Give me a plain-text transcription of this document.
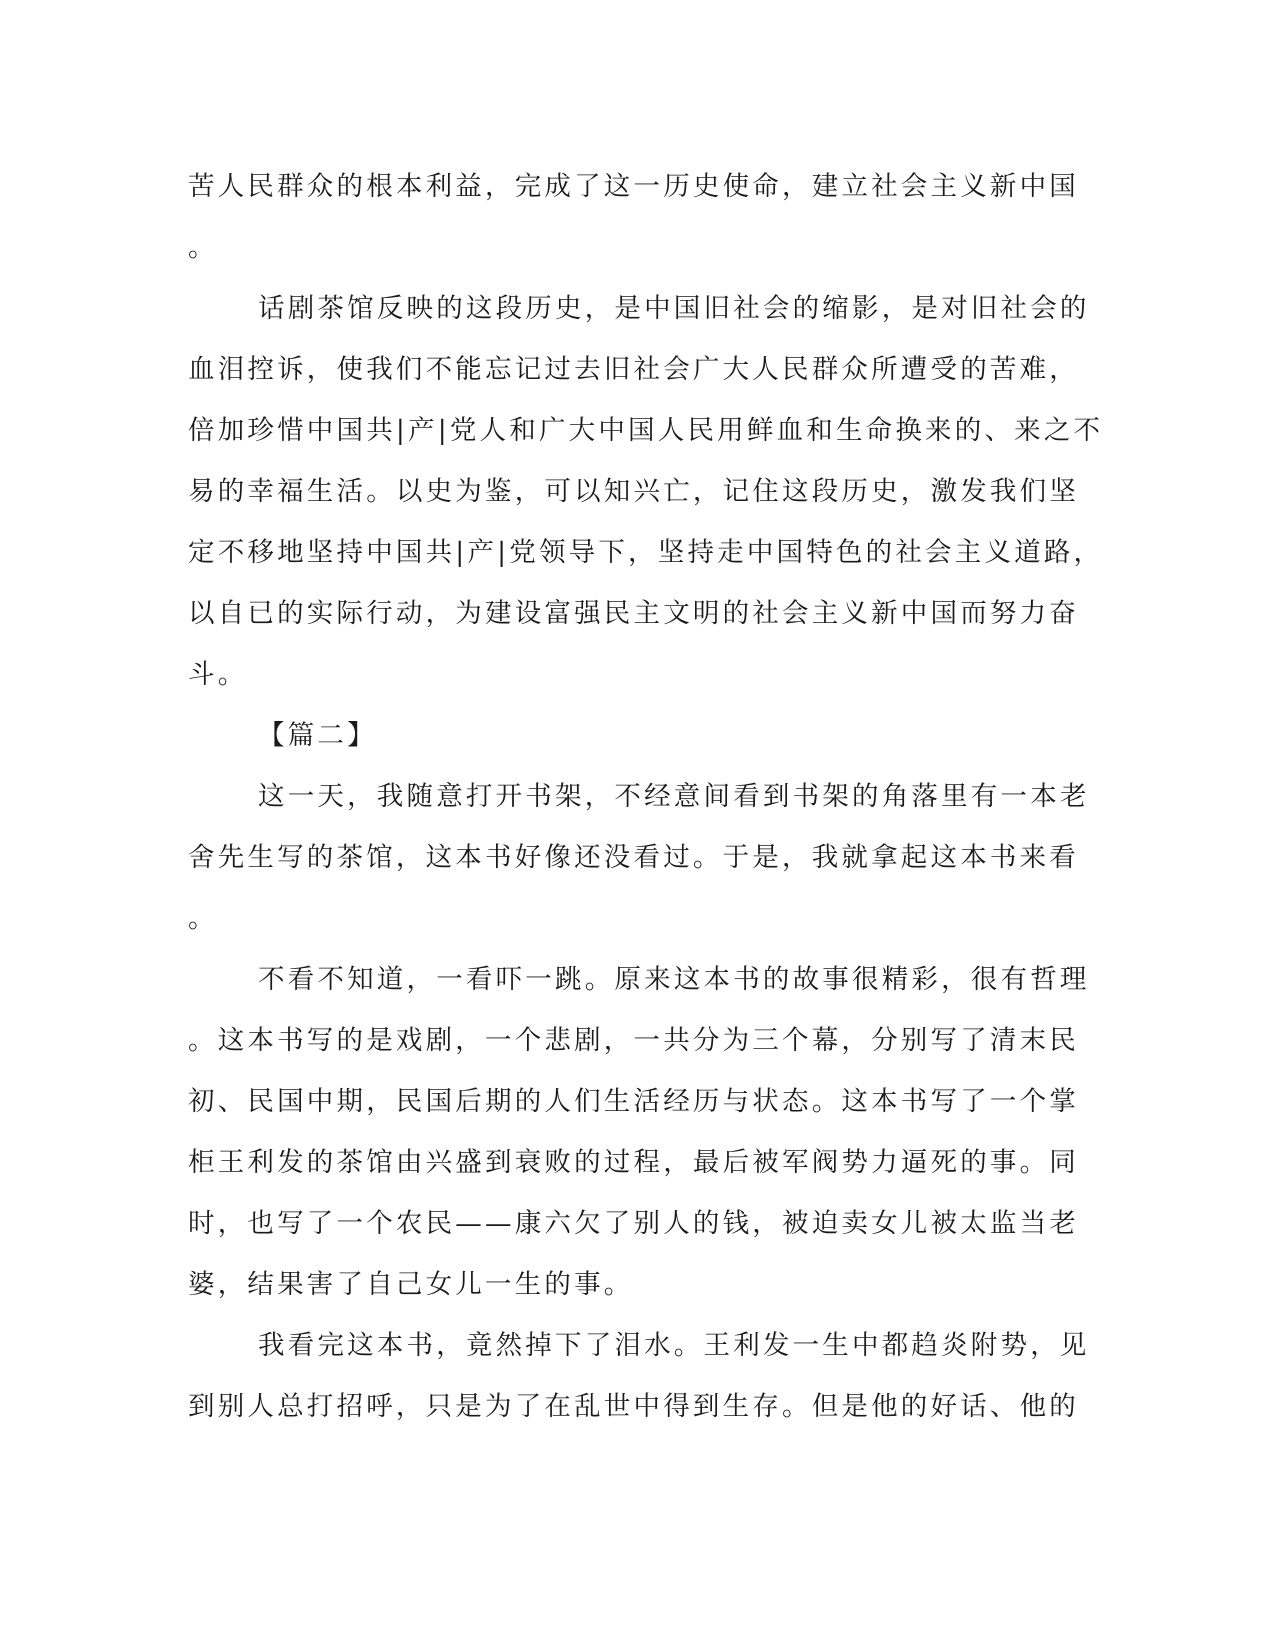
苦人民群众的根本利益，完成了这一历史使命，建立社会主义新中国
。
话剧茶馆反映的这段历史，是中国旧社会的缩影，是对旧社会的
血泪控诉，使我们不能忘记过去旧社会广大人民群众所遭受的苦难，
倍加珍惜中国共|产|党人和广大中国人民用鲜血和生命换来的、来之不
易的幸福生活。以史为鉴，可以知兴亡，记住这段历史，激发我们坚
定不移地坚持中国共|产|党领导下，坚持走中国特色的社会主义道路，
以自已的实际行动，为建设富强民主文明的社会主义新中国而努力奋
斗。
【篇二】
这一天，我随意打开书架，不经意间看到书架的角落里有一本老
舍先生写的茶馆，这本书好像还没看过。于是，我就拿起这本书来看
。
不看不知道，一看吓一跳。原来这本书的故事很精彩，很有哲理
。这本书写的是戏剧，一个悲剧，一共分为三个幕，分别写了清末民
初、民国中期，民国后期的人们生活经历与状态。这本书写了一个掌
柜王利发的茶馆由兴盛到衰败的过程，最后被军阀势力逼死的事。同
时，也写了一个农民——康六欠了别人的钱，被迫卖女儿被太监当老
婆，结果害了自己女儿一生的事。
我看完这本书，竟然掉下了泪水。王利发一生中都趋炎附势，见
到别人总打招呼，只是为了在乱世中得到生存。但是他的好话、他的
